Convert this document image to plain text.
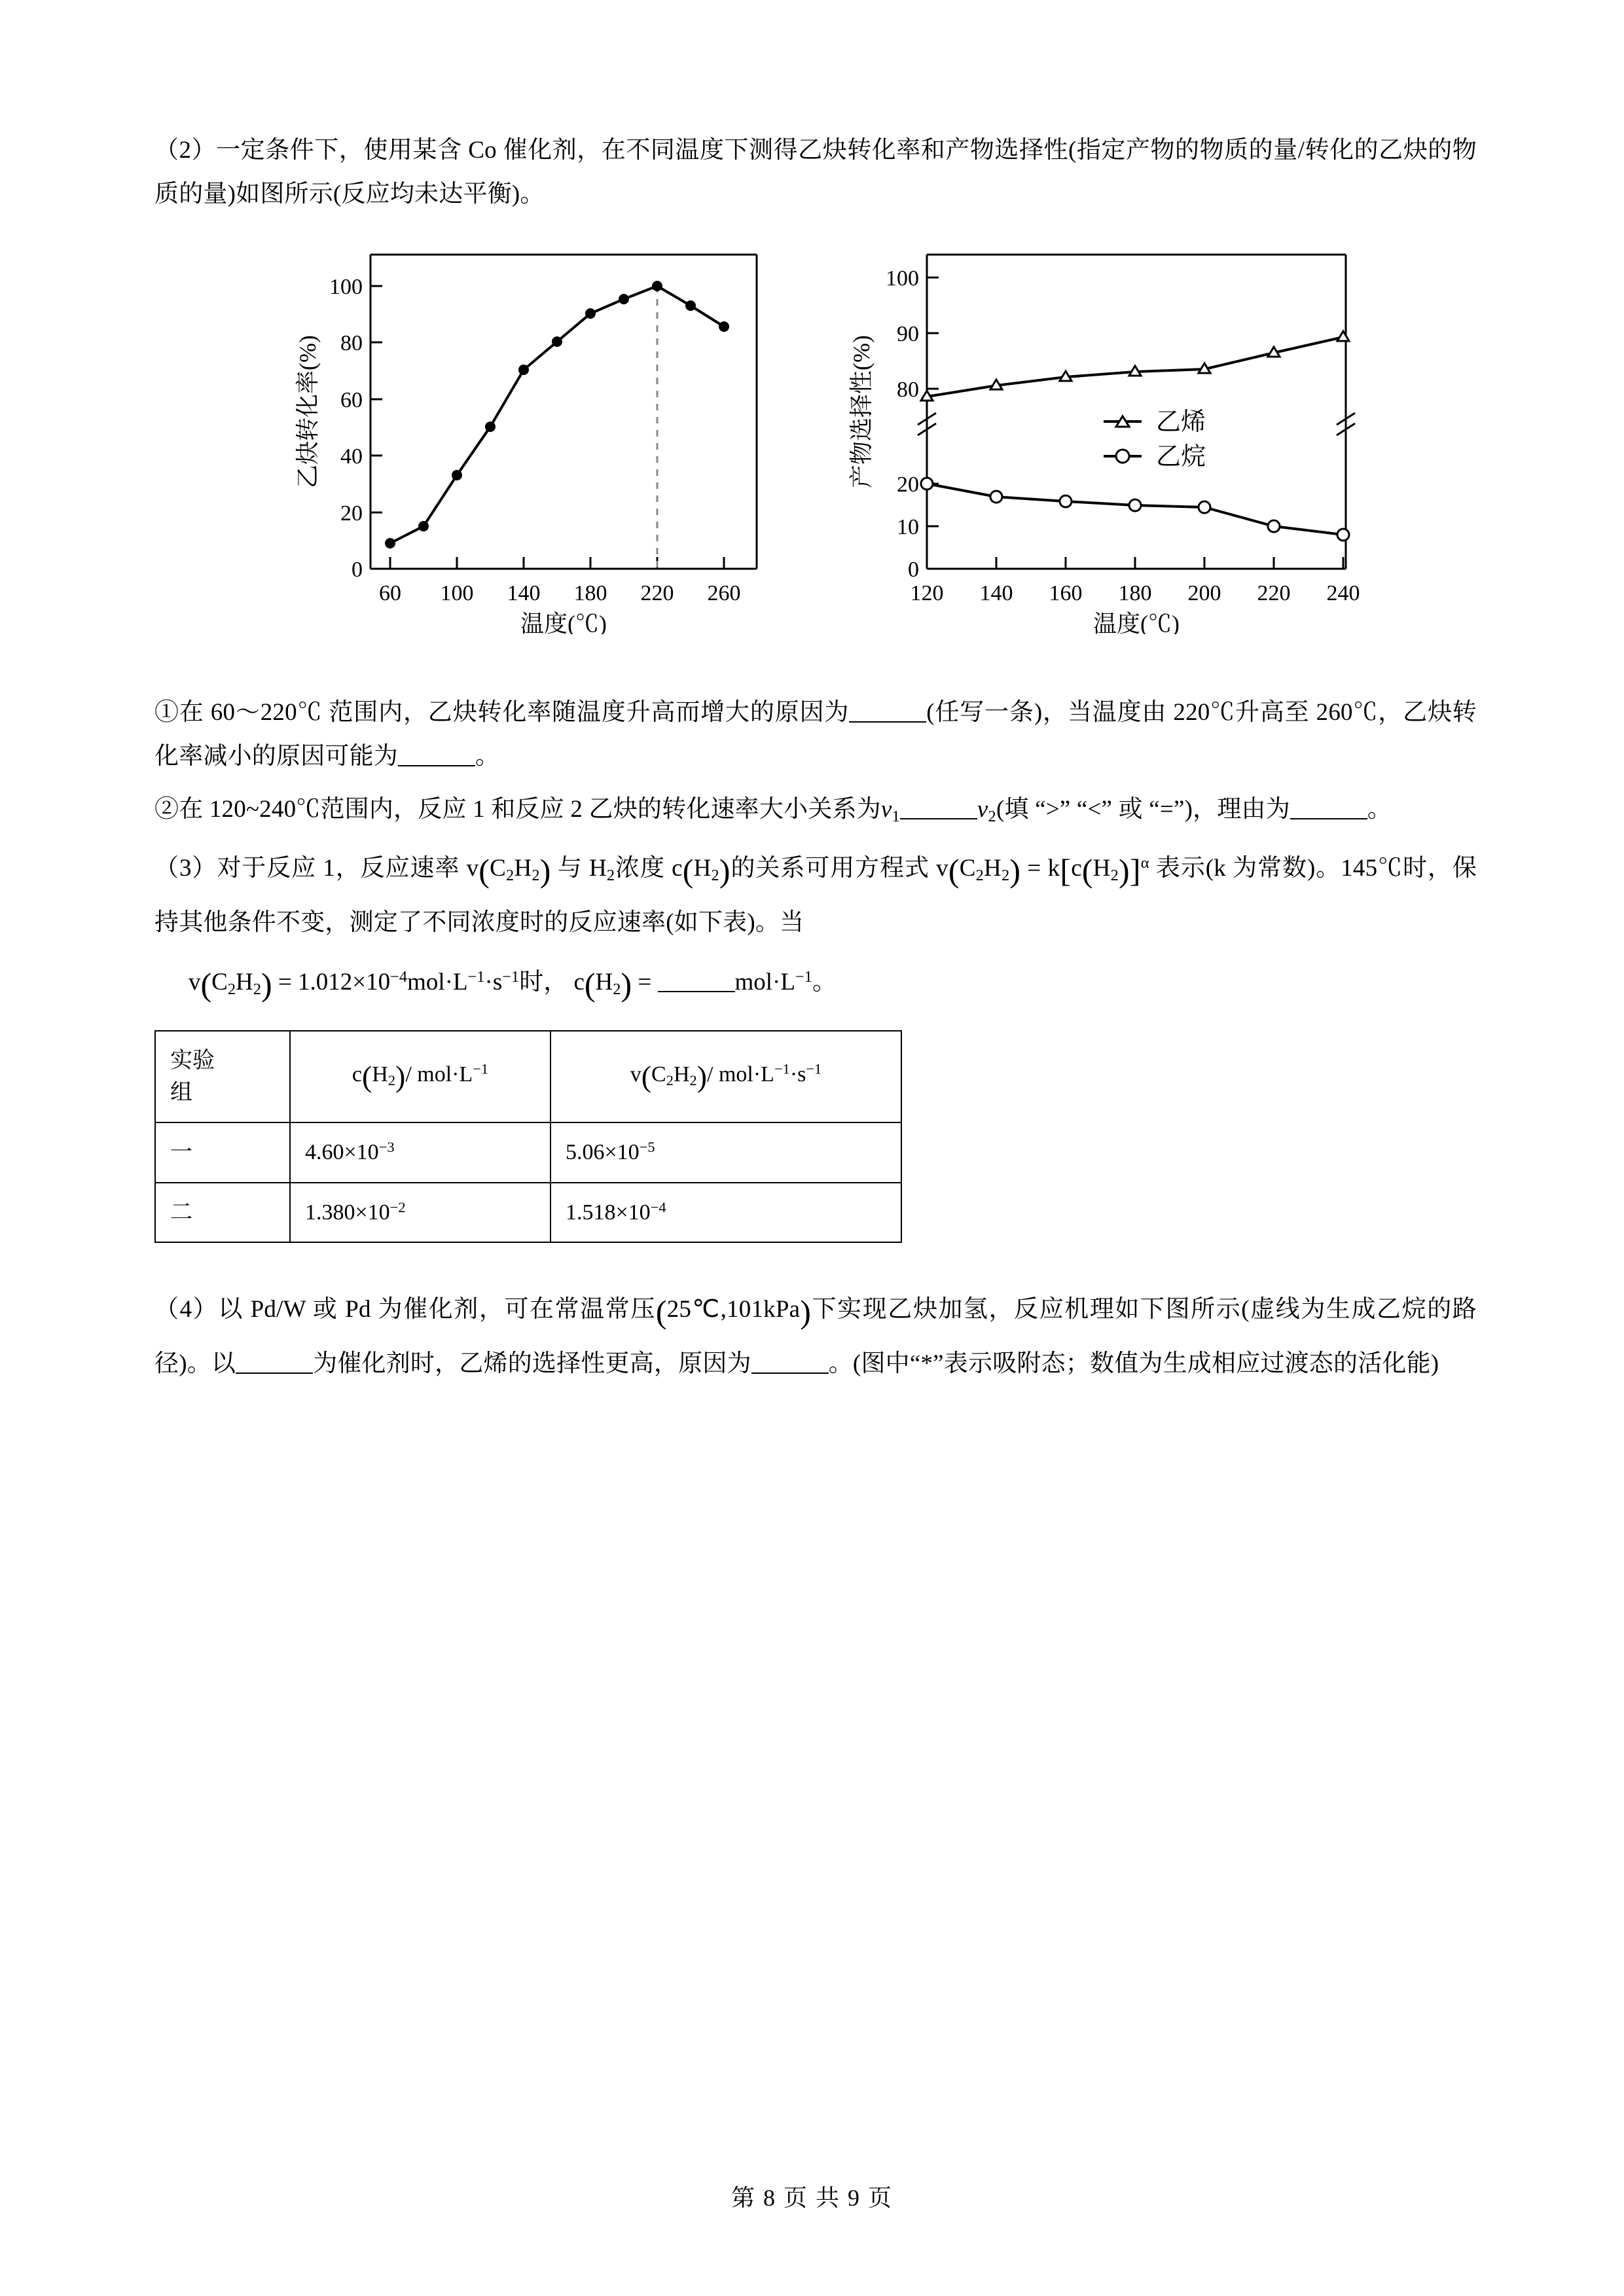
（2）一定条件下，使用某含 Co 催化剂，在不同温度下测得乙炔转化率和产物选择性(指定产物的物质的量/转化的乙炔的物质的量)如图所示(反应均未达平衡)。

0
20
40
60
80
100
60 100 140 180 220 260
乙炔转化率(%)
温度(℃)
0
10
20
80
90
100
120 140 160 180 200 220 240
乙烯
乙烷
产物选择性(%)
温度(℃)

①在 60～220℃ 范围内，乙炔转化率随温度升高而增大的原因为	(任写一条)，当温度由 220℃升高至 260℃，乙炔转化率减小的原因可能为	。

②在 120~240℃范围内，反应 1 和反应 2 乙炔的转化速率大小关系为$v_1$	$v_2$(填 “>” “<” 或 “=”)，理由为	。

（3）对于反应 1，反应速率 $v(C_2H_2)$ 与 $H_2$浓度 $c(H_2)$的关系可用方程式 $v(C_2H_2) = k[c(H_2)]^\alpha$ 表示(k 为常数)。145℃时，保持其他条件不变，测定了不同浓度时的反应速率(如下表)。当

$v(C_2H_2) = 1.012\times 10^{-4}mol\cdot L^{-1}\cdot s^{-1}$时， $c(H_2)$ =	$mol\cdot L^{-1}$。

实验
组	$c(H_2)/$ $mol\cdot L^{-1}$	$v(C_2H_2)/$ $mol\cdot L^{-1}\cdot s^{-1}$
一	$4.60\times 10^{-3}$	$5.06\times 10^{-5}$
二	$1.380\times 10^{-2}$	$1.518\times 10^{-4}$

（4）以 Pd/W 或 Pd 为催化剂，可在常温常压(25℃,101kPa)下实现乙炔加氢，反应机理如下图所示(虚线为生成乙烷的路径)。以	为催化剂时，乙烯的选择性更高，原因为	。(图中“*”表示吸附态；数值为生成相应过渡态的活化能)

第 8 页 共 9 页
